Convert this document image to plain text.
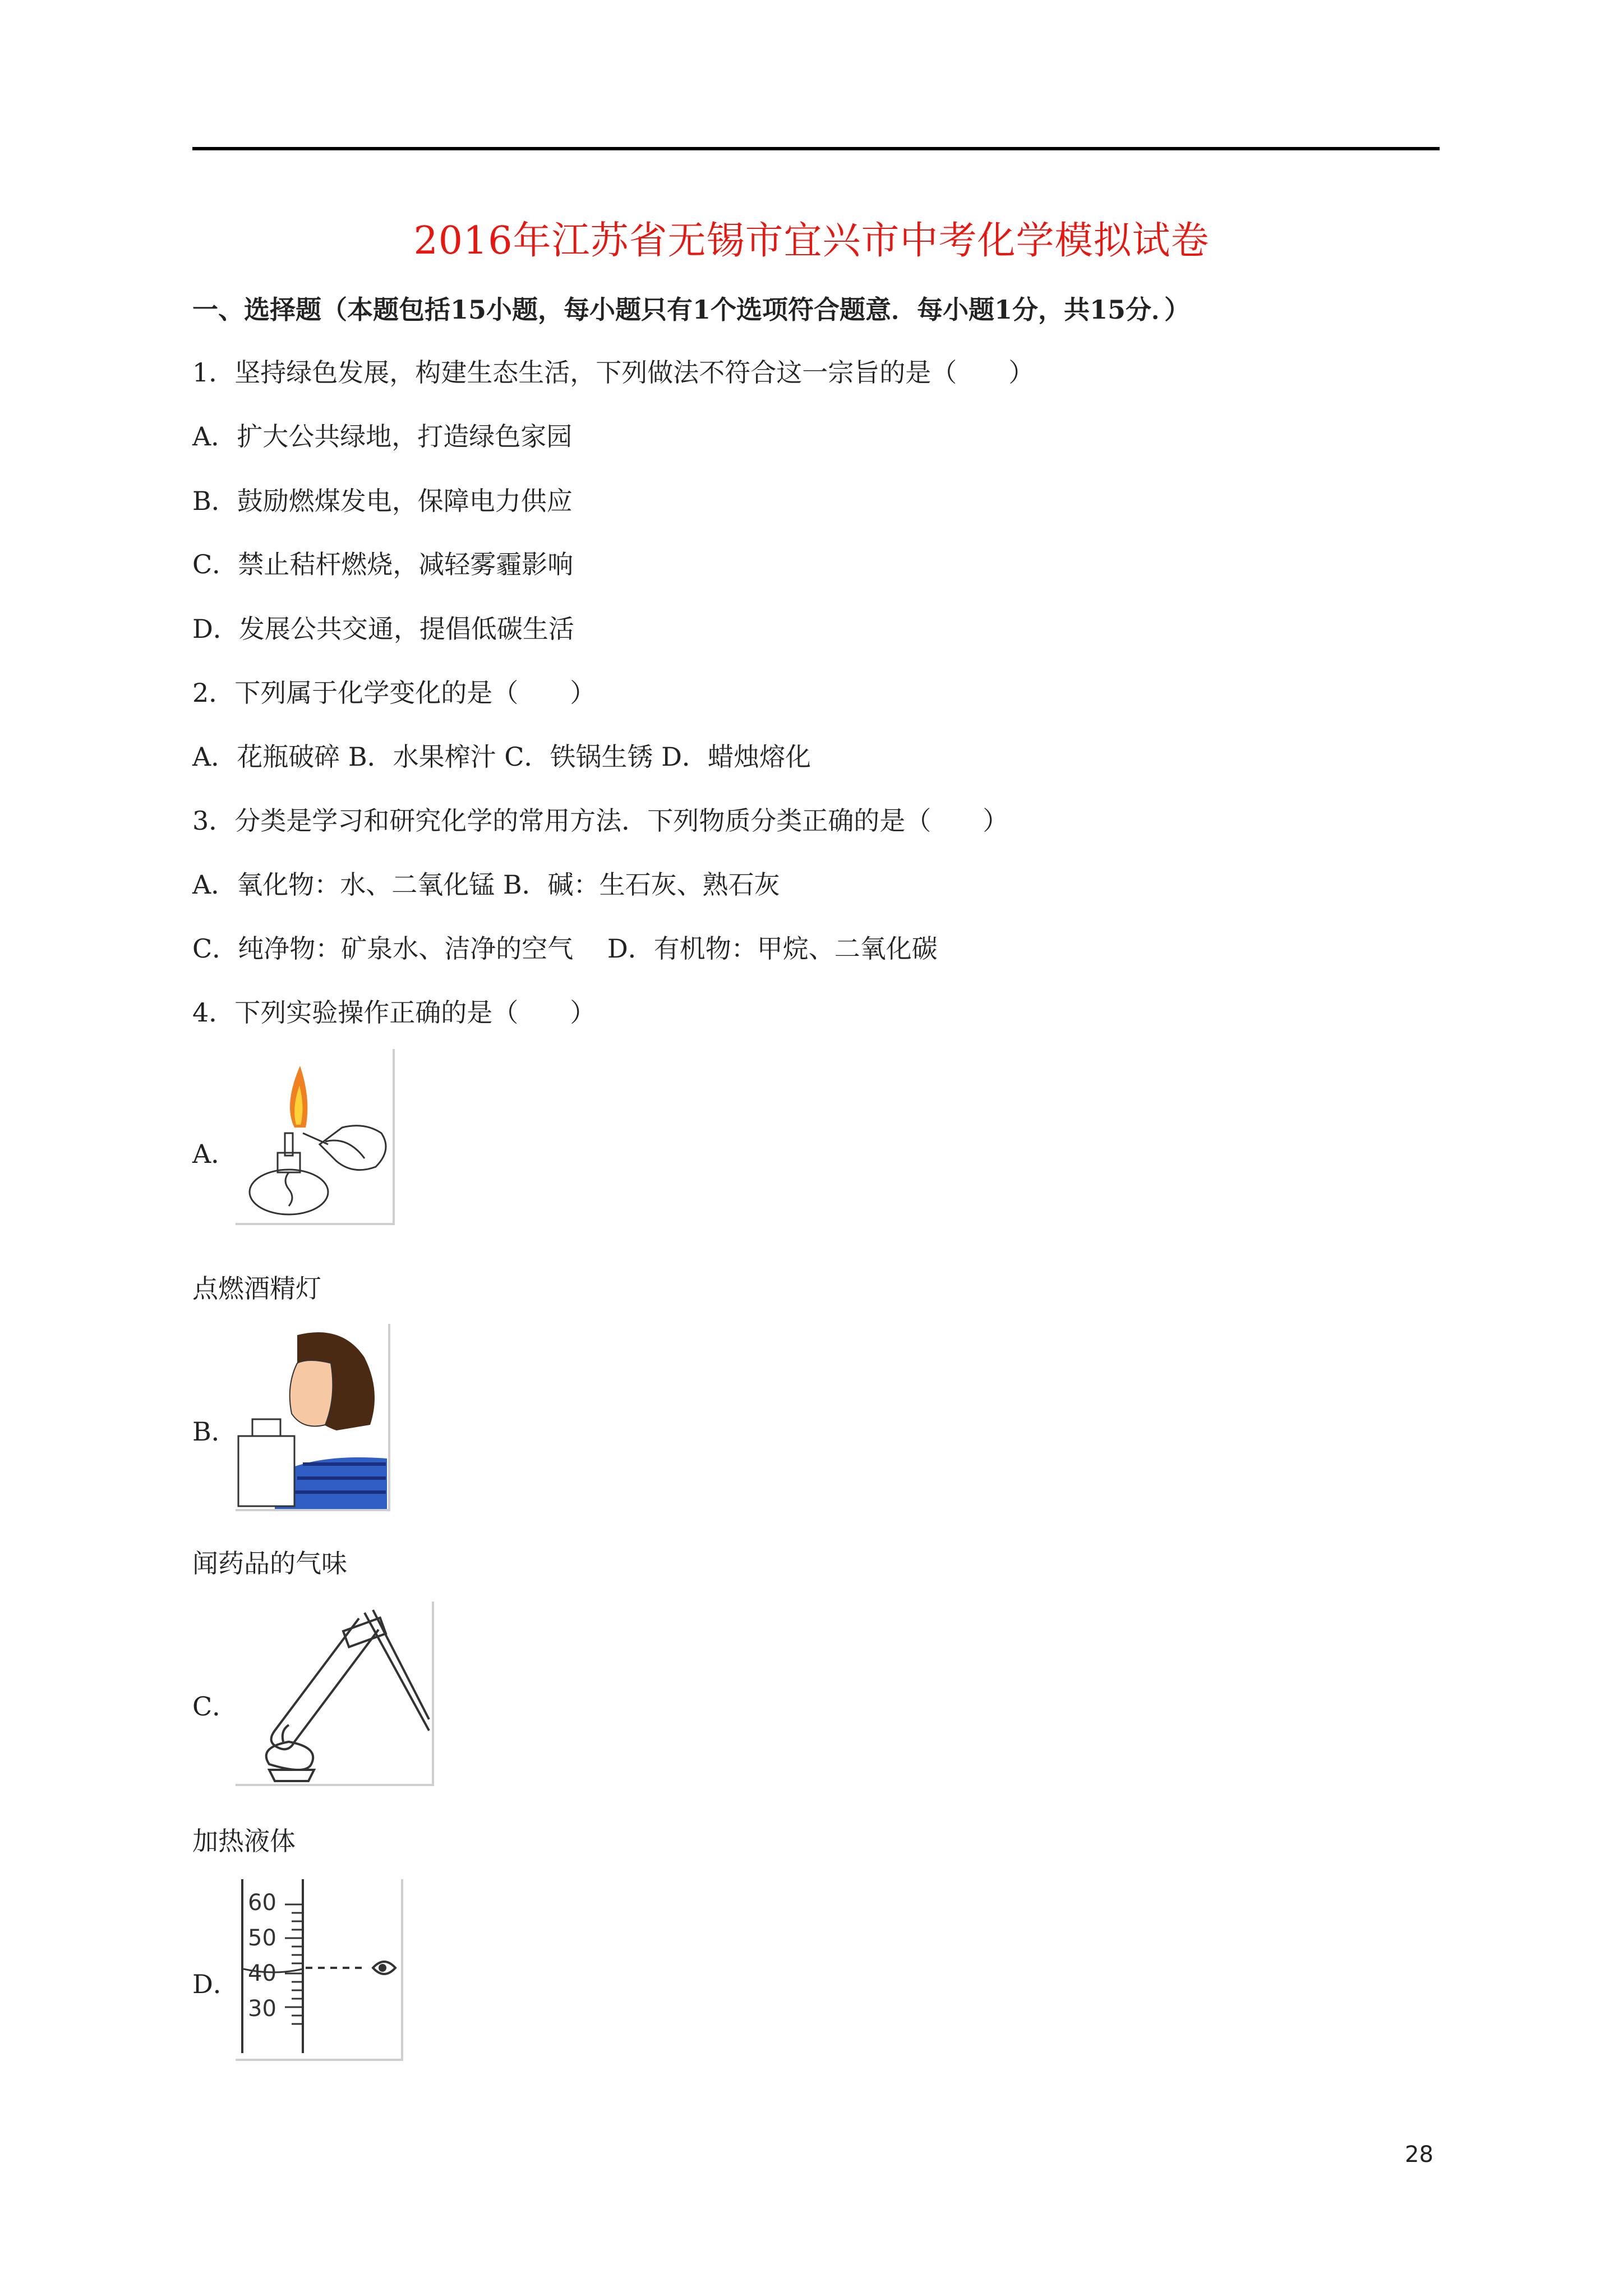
2016年江苏省无锡市宜兴市中考化学模拟试卷
一、选择题（本题包括15小题，每小题只有1个选项符合题意．每小题1分，共15分．）
1．坚持绿色发展，构建生态生活，下列做法不符合这一宗旨的是（　　）
A．扩大公共绿地，打造绿色家园
B．鼓励燃煤发电，保障电力供应
C．禁止秸杆燃烧，减轻雾霾影响
D．发展公共交通，提倡低碳生活
2．下列属于化学变化的是（　　）
A．花瓶破碎 B．水果榨汁 C．铁锅生锈 D．蜡烛熔化
3．分类是学习和研究化学的常用方法．下列物质分类正确的是（　　）
A．氧化物：水、二氧化锰 B．碱：生石灰、熟石灰
C．纯净物：矿泉水、洁净的空气　 D．有机物：甲烷、二氧化碳
4．下列实验操作正确的是（　　）
A．
点燃酒精灯
B．
闻药品的气味
C．
加热液体
D．
60
50
40
30
28
